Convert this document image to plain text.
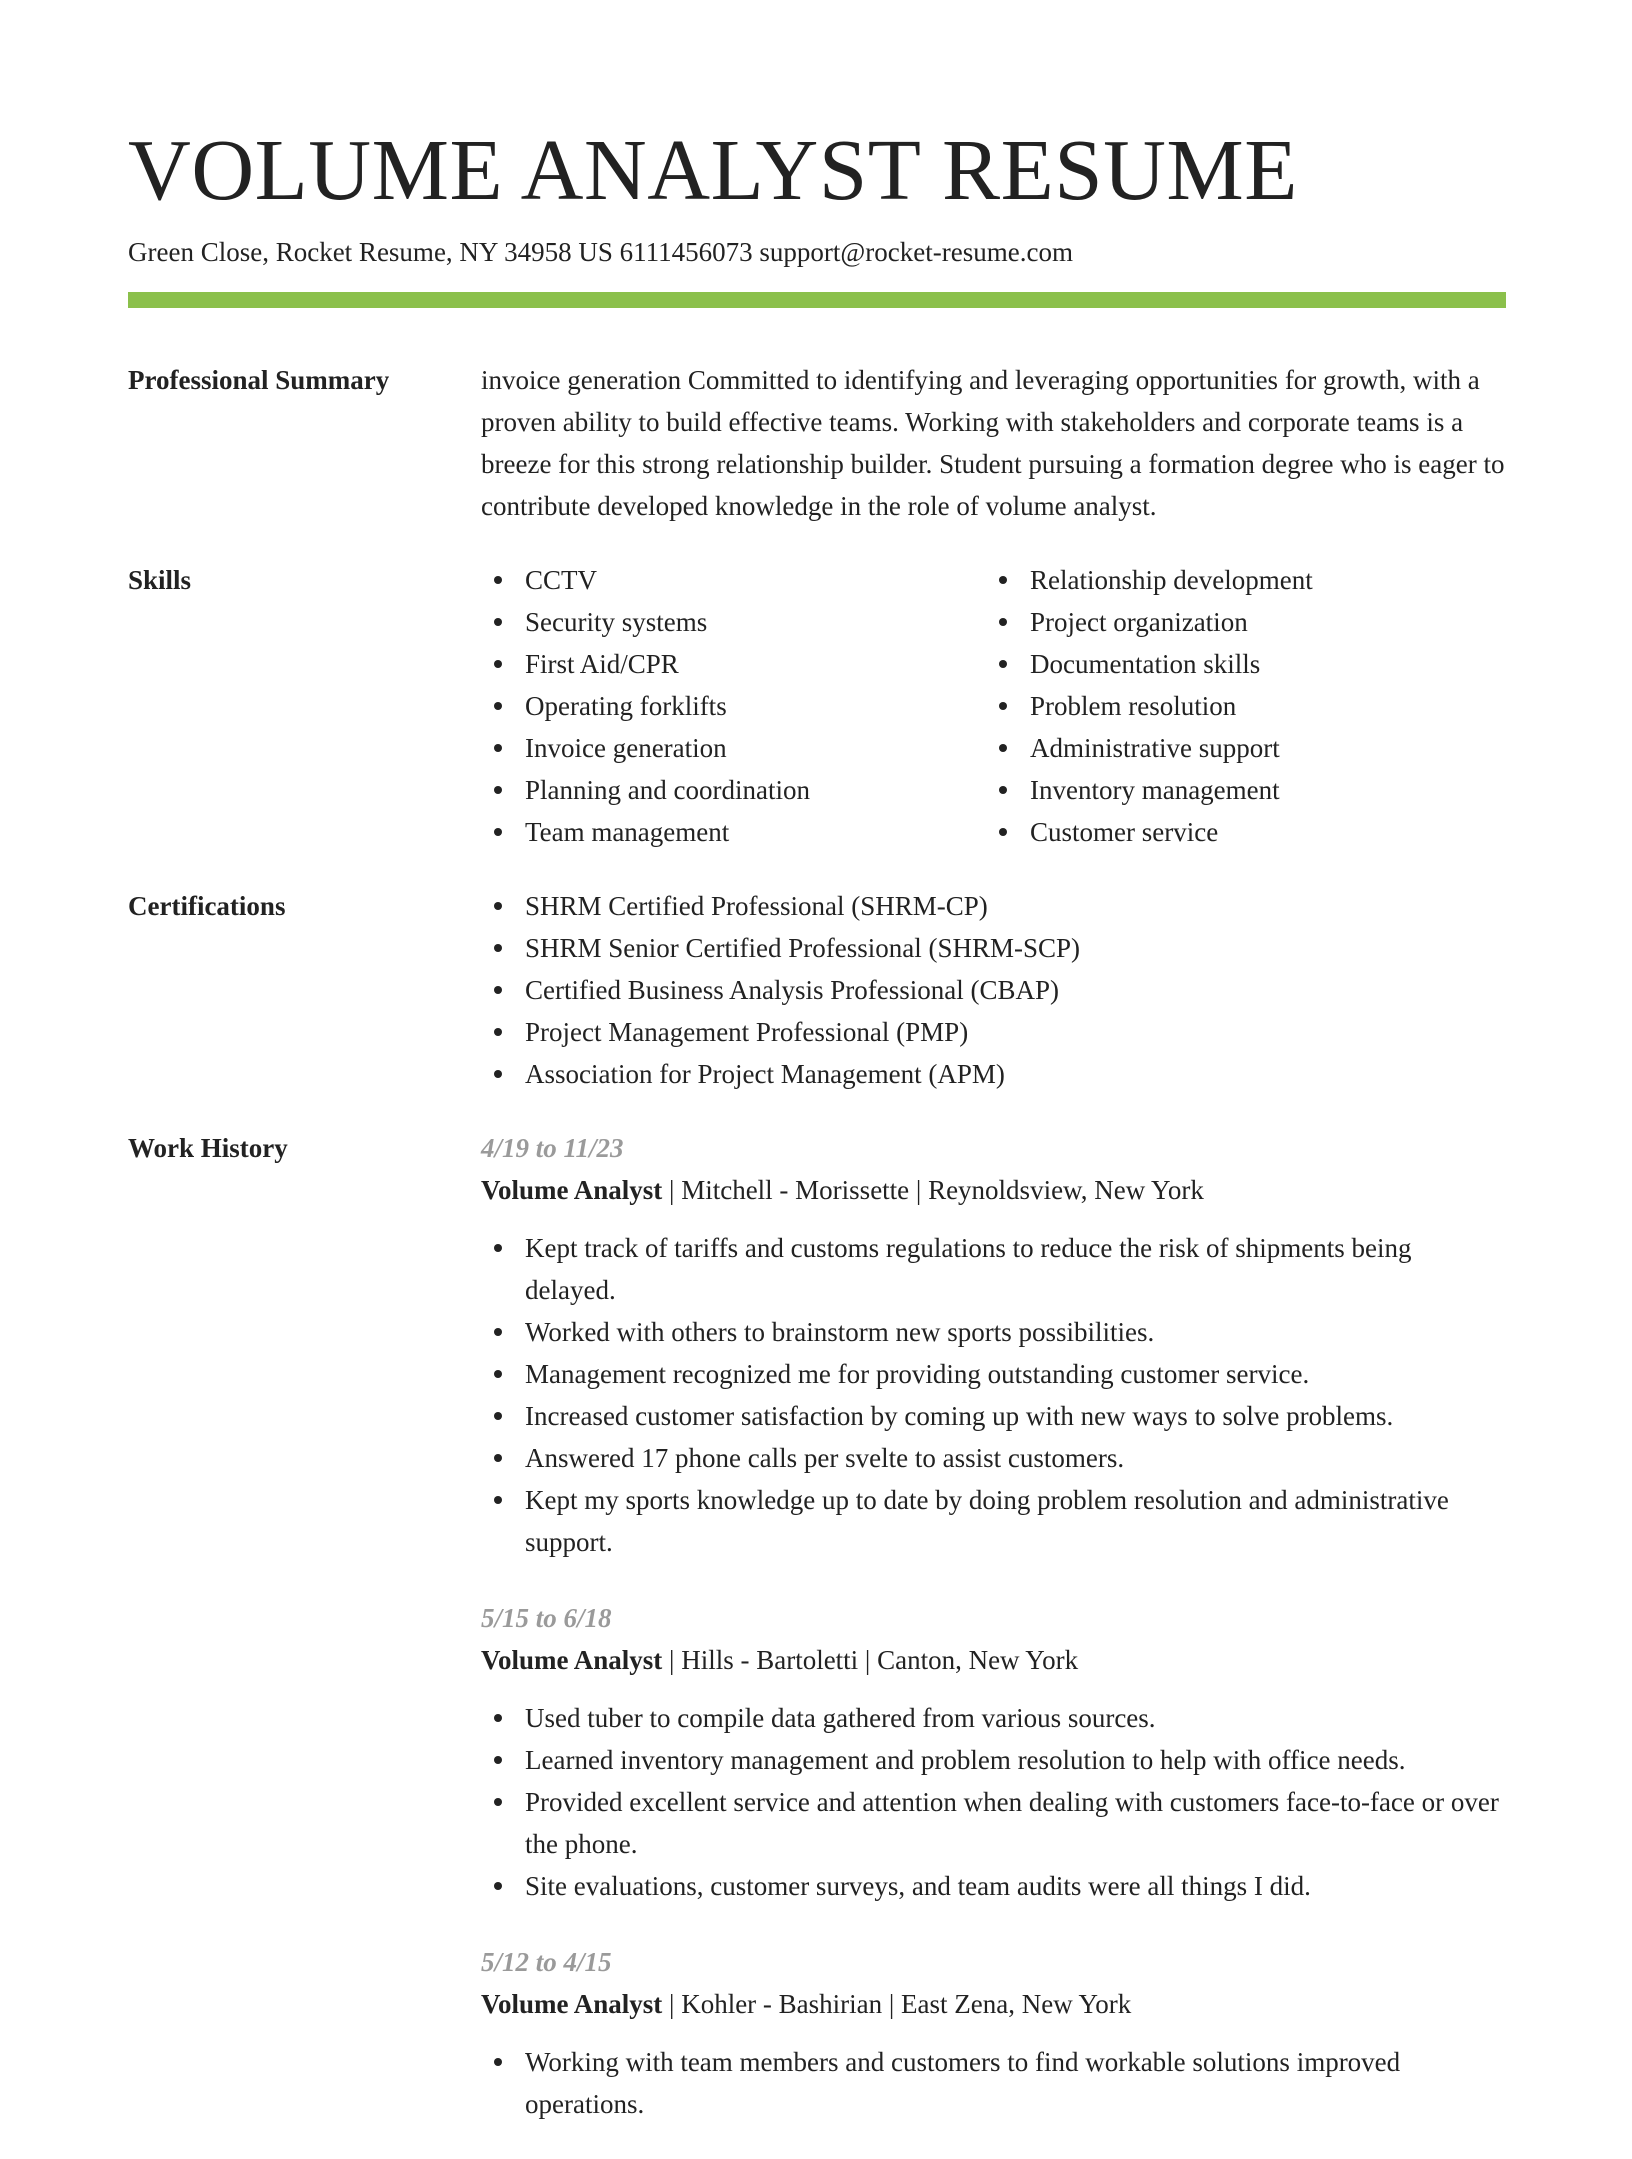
VOLUME ANALYST RESUME
Green Close, Rocket Resume, NY 34958 US 6111456073 support@rocket-resume.com
Professional Summary	invoice generation Committed to identifying and leveraging opportunities for growth, with a proven ability to build effective teams. Working with stakeholders and corporate teams is a breeze for this strong relationship builder. Student pursuing a formation degree who is eager to contribute developed knowledge in the role of volume analyst.
Skills	CCTV
Security systems
First Aid/CPR
Operating forklifts
Invoice generation
Planning and coordination
Team management
Relationship development
Project organization
Documentation skills
Problem resolution
Administrative support
Inventory management
Customer service
Certifications	SHRM Certified Professional (SHRM-CP)
SHRM Senior Certified Professional (SHRM-SCP)
Certified Business Analysis Professional (CBAP)
Project Management Professional (PMP)
Association for Project Management (APM)
Work History	4/19 to 11/23
Volume Analyst | Mitchell - Morissette | Reynoldsview, New York
Kept track of tariffs and customs regulations to reduce the risk of shipments being delayed.
Worked with others to brainstorm new sports possibilities.
Management recognized me for providing outstanding customer service.
Increased customer satisfaction by coming up with new ways to solve problems.
Answered 17 phone calls per svelte to assist customers.
Kept my sports knowledge up to date by doing problem resolution and administrative support.
5/15 to 6/18
Volume Analyst | Hills - Bartoletti | Canton, New York
Used tuber to compile data gathered from various sources.
Learned inventory management and problem resolution to help with office needs.
Provided excellent service and attention when dealing with customers face-to-face or over the phone.
Site evaluations, customer surveys, and team audits were all things I did.
5/12 to 4/15
Volume Analyst | Kohler - Bashirian | East Zena, New York
Working with team members and customers to find workable solutions improved operations.
